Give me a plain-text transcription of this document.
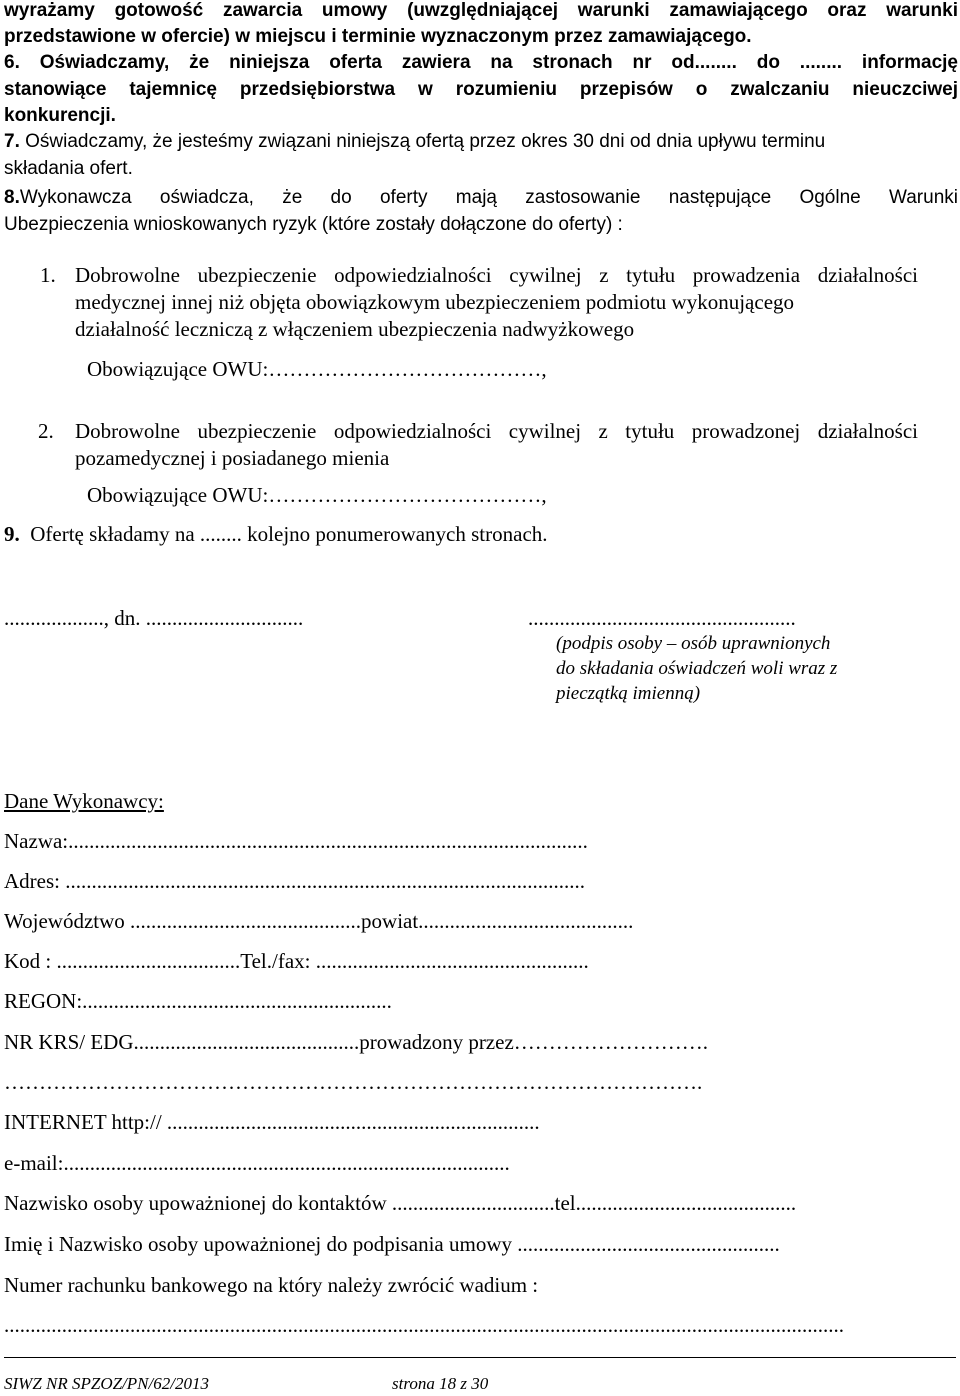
wyrażamy gotowość zawarcia umowy (uwzględniającej warunki zamawiającego oraz warunki
przedstawione w ofercie) w miejscu i terminie wyznaczonym przez zamawiającego.
6. Oświadczamy, że niniejsza oferta zawiera na stronach nr od........ do ........ informację
stanowiące tajemnicę przedsiębiorstwa w rozumieniu przepisów o zwalczaniu nieuczciwej
konkurencji.
7. Oświadczamy, że jesteśmy związani niniejszą ofertą przez okres 30 dni od dnia upływu terminu
składania ofert.
8. Wykonawcza oświadcza, że do oferty mają zastosowanie następujące Ogólne Warunki
Ubezpieczenia wnioskowanych ryzyk (które zostały dołączone do oferty) :
1. Dobrowolne ubezpieczenie odpowiedzialności cywilnej z tytułu prowadzenia działalności
medycznej innej niż objęta obowiązkowym ubezpieczeniem podmiotu wykonującego
działalność leczniczą z włączeniem ubezpieczenia nadwyżkowego
Obowiązujące OWU:…………………………………,
2.	Dobrowolne ubezpieczenie odpowiedzialności cywilnej z tytułu prowadzonej działalności
pozamedycznej i posiadanego mienia
Obowiązujące OWU:…………………………………,
9. Ofertę składamy na ........ kolejno ponumerowanych stronach.
..................., dn. ..............................	...................................................
(podpis osoby – osób uprawnionych
do składania oświadczeń woli wraz z
pieczątką imienną)
Dane Wykonawcy:
Nazwa:...................................................................................................
Adres: ...................................................................................................
Województwo ............................................powiat.........................................
Kod : ...................................Tel./fax: ....................................................
REGON:...........................................................
NR KRS/ EDG...........................................prowadzony przez……………………….
……………………………………………………………………………………….
INTERNET http:// .......................................................................
e-mail:.....................................................................................
Nazwisko osoby upoważnionej do kontaktów ...............................tel..........................................
Imię i Nazwisko osoby upoważnionej do podpisania umowy ..................................................
Numer rachunku bankowego na który należy zwrócić wadium :
................................................................................................................................................................
SIWZ NR SPZOZ/PN/62/2013	strona 18 z 30
